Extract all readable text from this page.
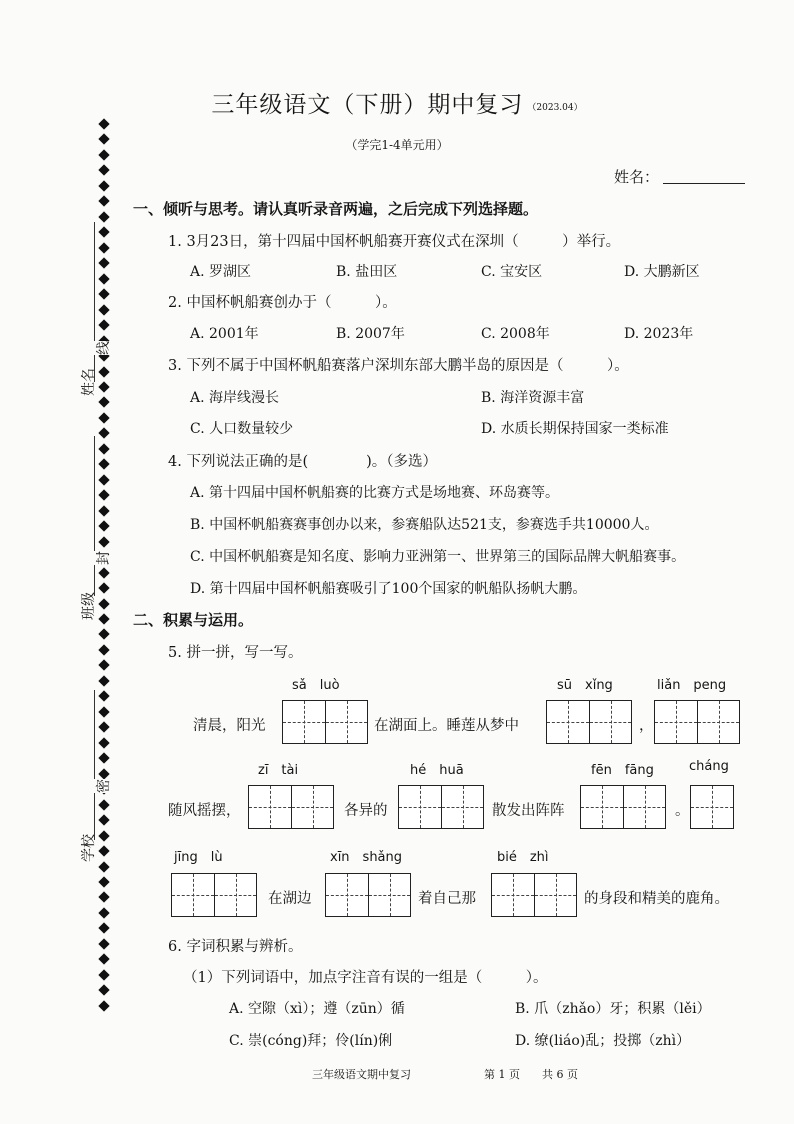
姓名
班级
学校
线
封
密
三年级语文（下册）期中复习 （2023.04）
（学完1-4单元用）
姓名：
一、倾听与思考。请认真听录音两遍，之后完成下列选择题。
1. 3月23日，第十四届中国杯帆船赛开赛仪式在深圳（　　　）举行。
A. 罗湖区	B. 盐田区	C. 宝安区	D. 大鹏新区
2. 中国杯帆船赛创办于（　　　）。
A. 2001年	B. 2007年	C. 2008年	D. 2023年
3. 下列不属于中国杯帆船赛落户深圳东部大鹏半岛的原因是（　　　）。
A. 海岸线漫长	B. 海洋资源丰富
C. 人口数量较少	D. 水质长期保持国家一类标准
4. 下列说法正确的是(　　　　)。（多选）
A. 第十四届中国杯帆船赛的比赛方式是场地赛、环岛赛等。
B. 中国杯帆船赛赛事创办以来，参赛船队达521支，参赛选手共10000人。
C. 中国杯帆船赛是知名度、影响力亚洲第一、世界第三的国际品牌大帆船赛事。
D. 第十四届中国杯帆船赛吸引了100个国家的帆船队扬帆大鹏。
二、积累与运用。
5. 拼一拼，写一写。
sǎ　luò	sū　xǐng	liǎn　peng
清晨，阳光	在湖面上。睡莲从梦中	，
zī　tài	hé　huā	fēn　fāng	cháng
随风摇摆，	各异的	散发出阵阵	。
jīng　lù	xīn　shǎng	bié　zhì
在湖边	着自己那	的身段和精美的鹿角。
6. 字词积累与辨析。
（1）下列词语中，加点字注音有误的一组是（　　　）。
A. 空隙（xì）；遵（zūn）循	B. 爪（zhǎo）牙；积累（lěi）
C. 崇(cóng)拜；伶(lín)俐	D. 缭(liáo)乱；投掷（zhì）
三年级语文期中复习	第 1 页　　共 6 页
